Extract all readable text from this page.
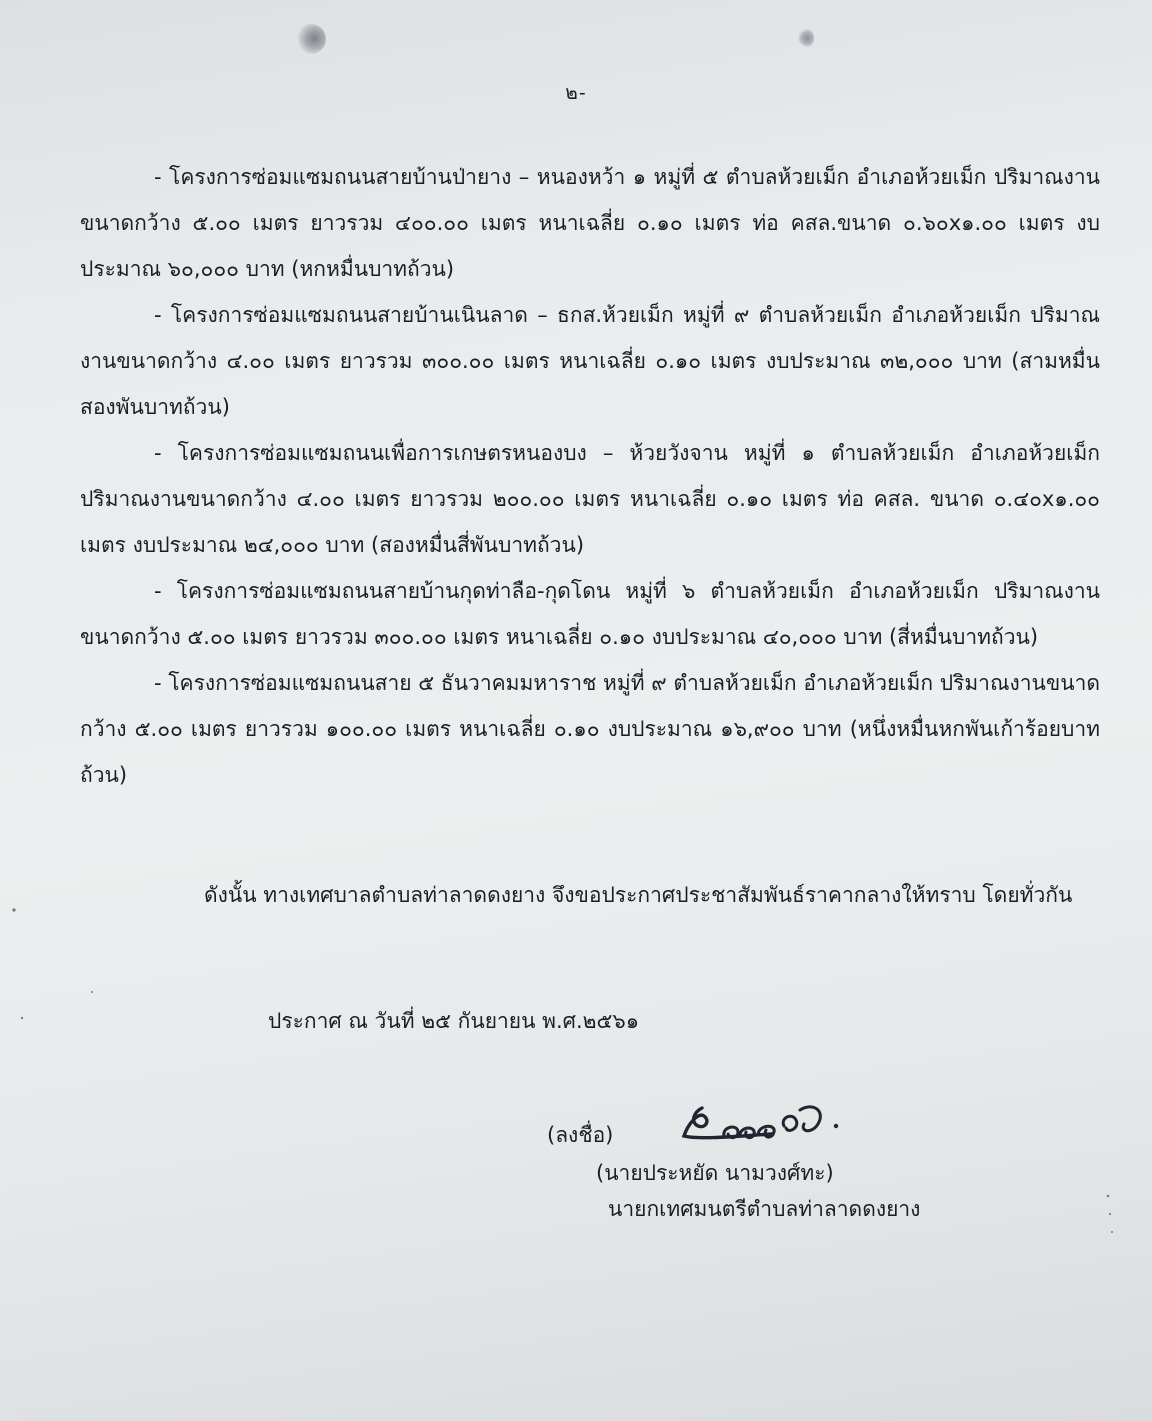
๒-

- โครงการซ่อมแซมถนนสายบ้านป่ายาง – หนองหว้า ๑ หมู่ที่ ๕ ตำบลห้วยเม็ก อำเภอห้วยเม็ก ปริมาณงานขนาดกว้าง ๕.๐๐ เมตร ยาวรวม ๔๐๐.๐๐ เมตร หนาเฉลี่ย ๐.๑๐ เมตร ท่อ คสล.ขนาด ๐.๖๐x๑.๐๐ เมตร งบประมาณ ๖๐,๐๐๐ บาท (หกหมื่นบาทถ้วน)

- โครงการซ่อมแซมถนนสายบ้านเนินลาด – ธกส.ห้วยเม็ก หมู่ที่ ๙ ตำบลห้วยเม็ก อำเภอห้วยเม็ก ปริมาณงานขนาดกว้าง ๔.๐๐ เมตร ยาวรวม ๓๐๐.๐๐ เมตร หนาเฉลี่ย ๐.๑๐ เมตร งบประมาณ ๓๒,๐๐๐ บาท (สามหมื่นสองพันบาทถ้วน)

- โครงการซ่อมแซมถนนเพื่อการเกษตรหนองบง – ห้วยวังจาน หมู่ที่ ๑ ตำบลห้วยเม็ก อำเภอห้วยเม็ก ปริมาณงานขนาดกว้าง ๔.๐๐ เมตร ยาวรวม ๒๐๐.๐๐ เมตร หนาเฉลี่ย ๐.๑๐ เมตร ท่อ คสล. ขนาด ๐.๔๐x๑.๐๐ เมตร งบประมาณ ๒๔,๐๐๐ บาท (สองหมื่นสี่พันบาทถ้วน)

- โครงการซ่อมแซมถนนสายบ้านกุดท่าลือ-กุดโดน หมู่ที่ ๖ ตำบลห้วยเม็ก อำเภอห้วยเม็ก ปริมาณงานขนาดกว้าง ๕.๐๐ เมตร ยาวรวม ๓๐๐.๐๐ เมตร หนาเฉลี่ย ๐.๑๐ งบประมาณ ๔๐,๐๐๐ บาท (สี่หมื่นบาทถ้วน)

- โครงการซ่อมแซมถนนสาย ๕ ธันวาคมมหาราช หมู่ที่ ๙ ตำบลห้วยเม็ก อำเภอห้วยเม็ก ปริมาณงานขนาดกว้าง ๕.๐๐ เมตร ยาวรวม ๑๐๐.๐๐ เมตร หนาเฉลี่ย ๐.๑๐ งบประมาณ ๑๖,๙๐๐ บาท (หนึ่งหมื่นหกพันเก้าร้อยบาทถ้วน)

ดังนั้น ทางเทศบาลตำบลท่าลาดดงยาง จึงขอประกาศประชาสัมพันธ์ราคากลางให้ทราบ โดยทั่วกัน
ประกาศ ณ วันที่ ๒๕ กันยายน พ.ศ.๒๕๖๑
(ลงชื่อ)
(นายประหยัด นามวงศ์ทะ)
นายกเทศมนตรีตำบลท่าลาดดงยาง
